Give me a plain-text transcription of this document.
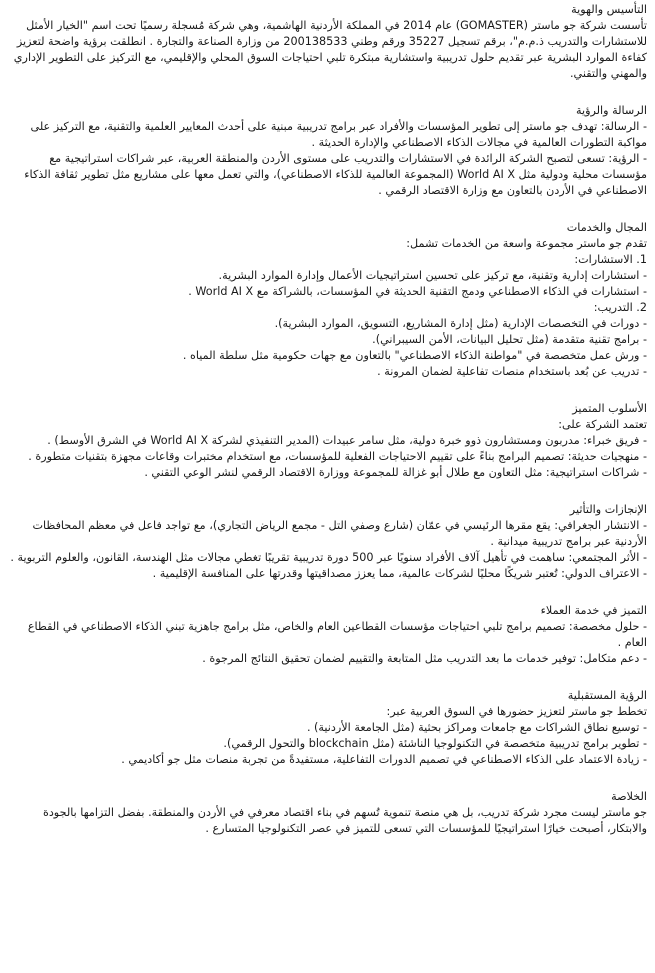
التأسيس والهوية

تأسست شركة جو ماستر (GOMASTER) عام 2014 في المملكة الأردنية الهاشمية، وهي شركة مُسجلة رسميًا تحت اسم "الخيار الأمثل للاستشارات والتدريب ذ.م.م"، برقم تسجيل 35227 ورقم وطني 200138533 من وزارة الصناعة والتجارة . انطلقت برؤية واضحة لتعزيز كفاءة الموارد البشرية عبر تقديم حلول تدريبية واستشارية مبتكرة تلبي احتياجات السوق المحلي والإقليمي، مع التركيز على التطوير الإداري والمهني والتقني.

الرسالة والرؤية

- الرسالة: تهدف جو ماستر إلى تطوير المؤسسات والأفراد عبر برامج تدريبية مبنية على أحدث المعايير العلمية والتقنية، مع التركيز على مواكبة التطورات العالمية في مجالات الذكاء الاصطناعي والإدارة الحديثة .

- الرؤية: تسعى لتصبح الشركة الرائدة في الاستشارات والتدريب على مستوى الأردن والمنطقة العربية، عبر شراكات استراتيجية مع مؤسسات محلية ودولية مثل World AI X (المجموعة العالمية للذكاء الاصطناعي)، والتي تعمل معها على مشاريع مثل تطوير ثقافة الذكاء الاصطناعي في الأردن بالتعاون مع وزارة الاقتصاد الرقمي .

المجال والخدمات

تقدم جو ماستر مجموعة واسعة من الخدمات تشمل:

1. الاستشارات:

- استشارات إدارية وتقنية، مع تركيز على تحسين استراتيجيات الأعمال وإدارة الموارد البشرية.

- استشارات في الذكاء الاصطناعي ودمج التقنية الحديثة في المؤسسات، بالشراكة مع World AI X .

2. التدريب:

- دورات في التخصصات الإدارية (مثل إدارة المشاريع، التسويق، الموارد البشرية).

- برامج تقنية متقدمة (مثل تحليل البيانات، الأمن السيبراني).

- ورش عمل متخصصة في "مواطنة الذكاء الاصطناعي" بالتعاون مع جهات حكومية مثل سلطة المياه .

- تدريب عن بُعد باستخدام منصات تفاعلية لضمان المرونة .

الأسلوب المتميز

تعتمد الشركة على:

- فريق خبراء: مدربون ومستشارون ذوو خبرة دولية، مثل سامر عبيدات (المدير التنفيذي لشركة World AI X في الشرق الأوسط) .

- منهجيات حديثة: تصميم البرامج بناءً على تقييم الاحتياجات الفعلية للمؤسسات، مع استخدام مختبرات وقاعات مجهزة بتقنيات متطورة .

- شراكات استراتيجية: مثل التعاون مع طلال أبو غزالة للمجموعة ووزارة الاقتصاد الرقمي لنشر الوعي التقني .

الإنجازات والتأثير

- الانتشار الجغرافي: يقع مقرها الرئيسي في عمّان (شارع وصفي التل - مجمع الرياض التجاري)، مع تواجد فاعل في معظم المحافظات الأردنية عبر برامج تدريبية ميدانية .

- الأثر المجتمعي: ساهمت في تأهيل آلاف الأفراد سنويًا عبر 500 دورة تدريبية تقريبًا تغطي مجالات مثل الهندسة، القانون، والعلوم التربوية .

- الاعتراف الدولي: تُعتبر شريكًا محليًا لشركات عالمية، مما يعزز مصداقيتها وقدرتها على المنافسة الإقليمية .

التميز في خدمة العملاء

- حلول مخصصة: تصميم برامج تلبي احتياجات مؤسسات القطاعين العام والخاص، مثل برامج جاهزية تبني الذكاء الاصطناعي في القطاع العام .

- دعم متكامل: توفير خدمات ما بعد التدريب مثل المتابعة والتقييم لضمان تحقيق النتائج المرجوة .

الرؤية المستقبلية

تخطط جو ماستر لتعزيز حضورها في السوق العربية عبر:

- توسيع نطاق الشراكات مع جامعات ومراكز بحثية (مثل الجامعة الأردنية) .

- تطوير برامج تدريبية متخصصة في التكنولوجيا الناشئة (مثل blockchain والتحول الرقمي).

- زيادة الاعتماد على الذكاء الاصطناعي في تصميم الدورات التفاعلية، مستفيدةً من تجربة منصات مثل جو أكاديمي .

الخلاصة

جو ماستر ليست مجرد شركة تدريب، بل هي منصة تنموية تُسهم في بناء اقتصاد معرفي في الأردن والمنطقة. بفضل التزامها بالجودة والابتكار، أصبحت خيارًا استراتيجيًا للمؤسسات التي تسعى للتميز في عصر التكنولوجيا المتسارع .
